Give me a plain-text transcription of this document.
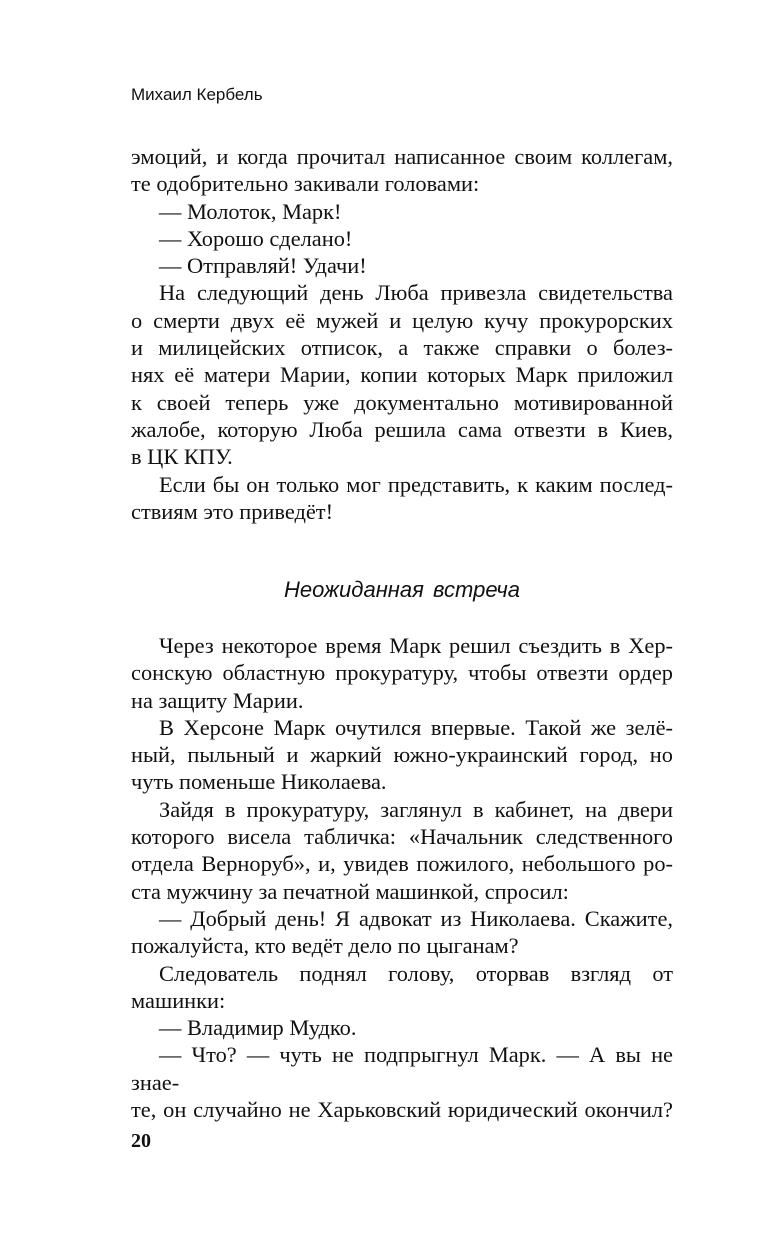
Михаил Кербель

эмоций, и когда прочитал написанное своим коллегам,

те одобрительно закивали головами:

— Молоток, Марк!

— Хорошо сделано!

— Отправляй! Удачи!

На следующий день Люба привезла свидетельства

о смерти двух её мужей и целую кучу прокурорских

и милицейских отписок, а также справки о болез-

нях её матери Марии, копии которых Марк приложил

к своей теперь уже документально мотивированной

жалобе, которую Люба решила сама отвезти в Киев,

в ЦК КПУ.

Если бы он только мог представить, к каким послед-

ствиям это приведёт!

Неожиданная встреча

Через некоторое время Марк решил съездить в Хер-

сонскую областную прокуратуру, чтобы отвезти ордер

на защиту Марии.

В Херсоне Марк очутился впервые. Такой же зелё-

ный, пыльный и жаркий южно-украинский город, но

чуть поменьше Николаева.

Зайдя в прокуратуру, заглянул в кабинет, на двери

которого висела табличка: «Начальник следственного

отдела Верноруб», и, увидев пожилого, небольшого ро-

ста мужчину за печатной машинкой, спросил:

— Добрый день! Я адвокат из Николаева. Скажите,

пожалуйста, кто ведёт дело по цыганам?

Следователь поднял голову, оторвав взгляд от

машинки:

— Владимир Мудко.

— Что? — чуть не подпрыгнул Марк. — А вы не знае-

те, он случайно не Харьковский юридический окончил?

20
